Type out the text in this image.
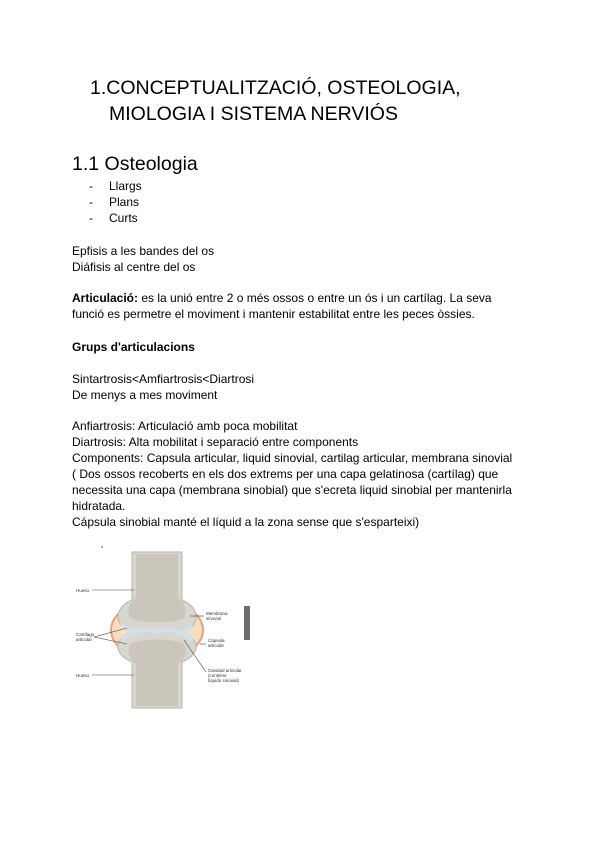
1.CONCEPTUALITZACIÓ, OSTEOLOGIA,
MIOLOGIA I SISTEMA NERVIÓS
1.1 Osteologia
- Llargs
- Plans
- Curts
Epfisis a les bandes del os
Diáfisis al centre del os
Articulació: es la unió entre 2 o més ossos o entre un ós i un cartílag. La seva
funció es permetre el moviment i mantenir estabilitat entre les peces òssies.
Grups d'articulacions
Sintartrosis<Amfiartrosis<Diartrosi
De menys a mes moviment
Anfiartrosis: Articulació amb poca mobilitat
Diartrosis: Alta mobilitat i separació entre components
Components: Capsula articular, liquid sinovial, cartilag articular, membrana sinovial
( Dos ossos recoberts en els dos extrems per una capa gelatinosa (cartílag) que
necessita una capa (membrana sinobial) que s'ecreta liquid sinobial per mantenirla
hidratada.
Cápsula sinobial manté el líquid a la zona sense que s'esparteixi)
Hueso
Cartílago
articular
Hueso
Membrana
sinovial
Cápsula
articular
Cavidad articular
(contiene
líquido sinovial)
